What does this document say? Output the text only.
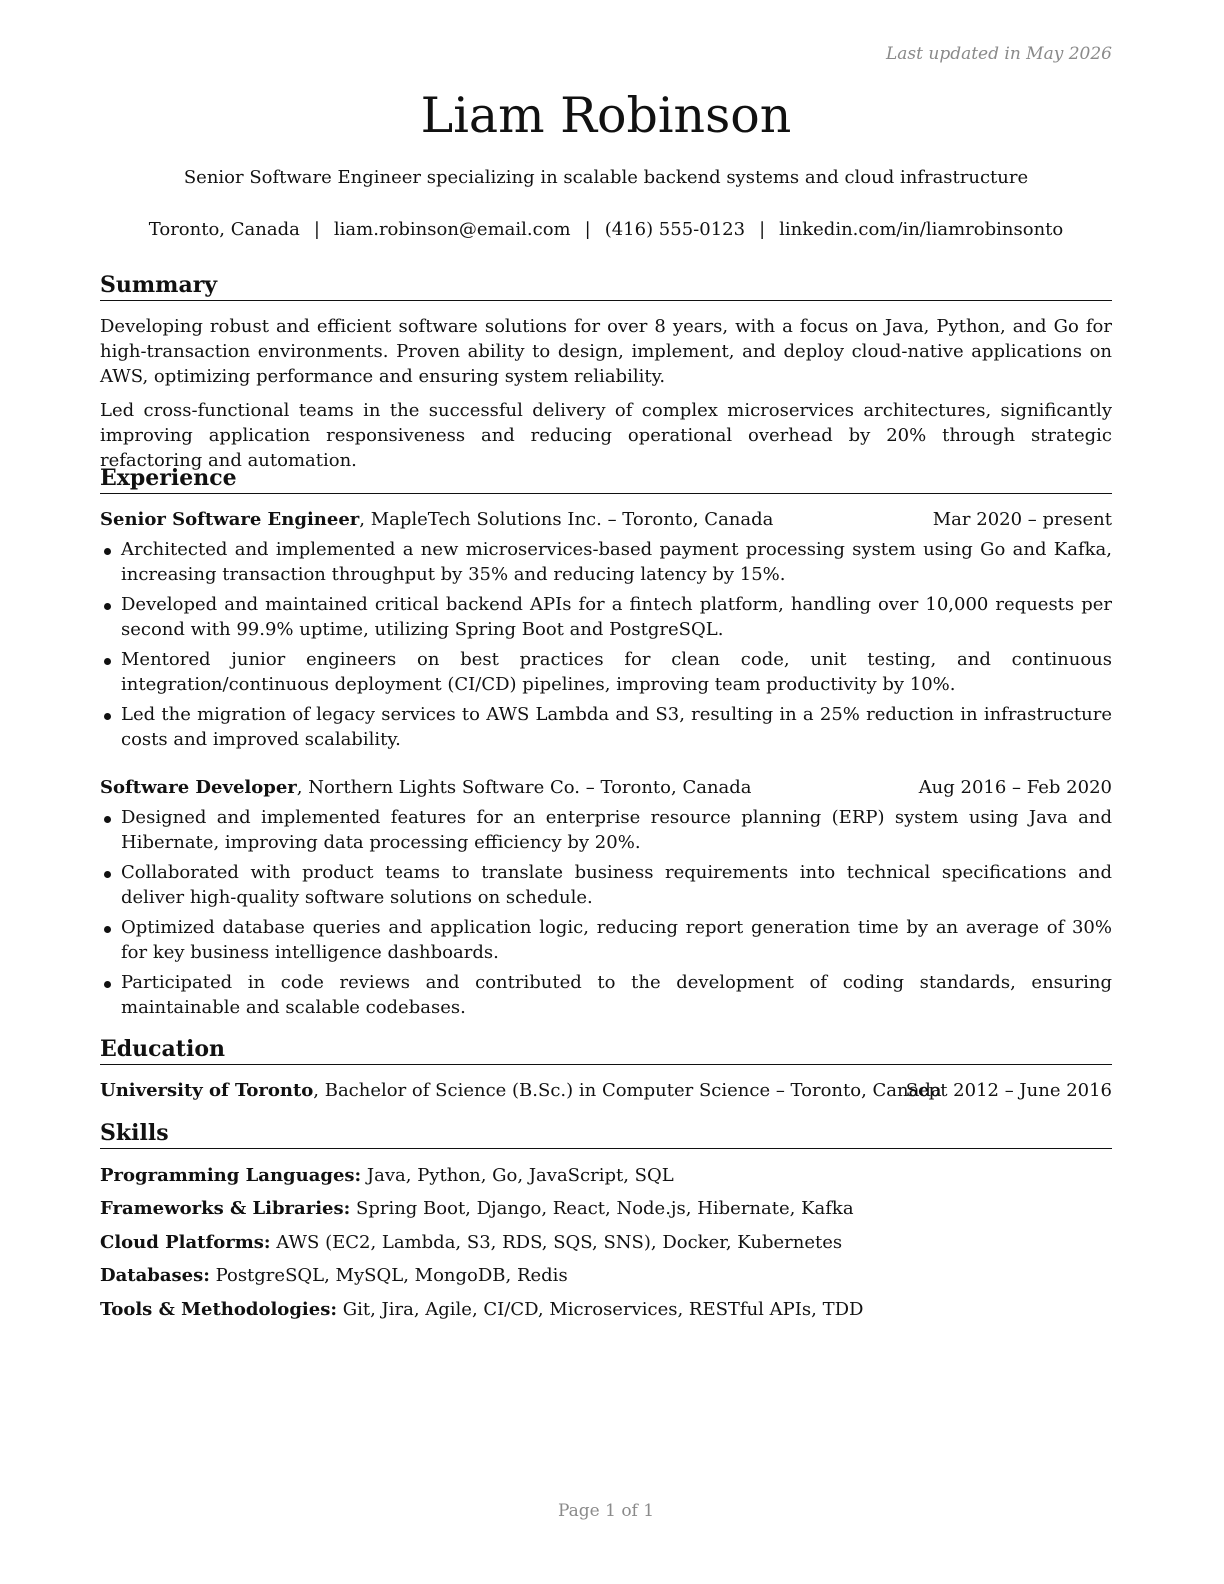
Last updated in May 2026
Liam Robinson
Senior Software Engineer specializing in scalable backend systems and cloud infrastructure
Toronto, Canada | liam.robinson@email.com | (416) 555-0123 | linkedin.com/in/liamrobinsonto
Summary
Developing robust and efficient software solutions for over 8 years, with a focus on Java, Python, and Go for high-transaction environments. Proven ability to design, implement, and deploy cloud-native applications on AWS, optimizing performance and ensuring system reliability.
Led cross-functional teams in the successful delivery of complex microservices architectures, significantly improving application responsiveness and reducing operational overhead by 20% through strategic refactoring and automation.
Experience
Senior Software Engineer, MapleTech Solutions Inc. – Toronto, Canada	Mar 2020 – present
Architected and implemented a new microservices-based payment processing system using Go and Kafka, increasing transaction throughput by 35% and reducing latency by 15%.
Developed and maintained critical backend APIs for a fintech platform, handling over 10,000 requests per second with 99.9% uptime, utilizing Spring Boot and PostgreSQL.
Mentored junior engineers on best practices for clean code, unit testing, and continuous integration/continuous deployment (CI/CD) pipelines, improving team productivity by 10%.
Led the migration of legacy services to AWS Lambda and S3, resulting in a 25% reduction in infrastructure costs and improved scalability.
Software Developer, Northern Lights Software Co. – Toronto, Canada	Aug 2016 – Feb 2020
Designed and implemented features for an enterprise resource planning (ERP) system using Java and Hibernate, improving data processing efficiency by 20%.
Collaborated with product teams to translate business requirements into technical specifications and deliver high-quality software solutions on schedule.
Optimized database queries and application logic, reducing report generation time by an average of 30% for key business intelligence dashboards.
Participated in code reviews and contributed to the development of coding standards, ensuring maintainable and scalable codebases.
Education
University of Toronto, Bachelor of Science (B.Sc.) in Computer Science – Toronto, Canada
Sept 2012 – June 2016
Skills
Programming Languages: Java, Python, Go, JavaScript, SQL
Frameworks & Libraries: Spring Boot, Django, React, Node.js, Hibernate, Kafka
Cloud Platforms: AWS (EC2, Lambda, S3, RDS, SQS, SNS), Docker, Kubernetes
Databases: PostgreSQL, MySQL, MongoDB, Redis
Tools & Methodologies: Git, Jira, Agile, CI/CD, Microservices, RESTful APIs, TDD
Page 1 of 1
